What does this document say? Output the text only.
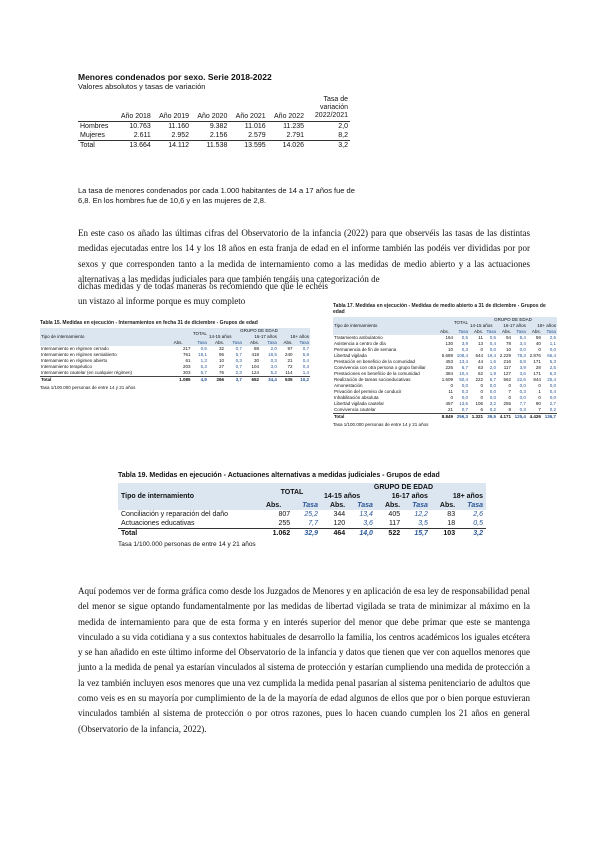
Menores condenados por sexo. Serie 2018-2022
Valores absolutos y tasas de variación
	Año 2018	Año 2019	Año 2020	Año 2021	Año 2022	Tasa de variación 2022/2021
Hombres	10.763	11.160	9.382	11.016	11.235	2,0
Mujeres	2.611	2.952	2.156	2.579	2.791	8,2
Total	13.664	14.112	11.538	13.595	14.026	3,2
La tasa de menores condenados por cada 1.000 habitantes de 14 a 17 años fue de 6,8. En los hombres fue de 10,6 y en las mujeres de 2,8.
En este caso os añado las últimas cifras del Observatorio de la infancia (2022) para que observéis las tasas de las distintas medidas ejecutadas entre los 14 y los 18 años en esta franja de edad en el informe también las podéis ver divididas por por sexos y que corresponden tanto a la medida de internamiento como a las medidas de medio abierto y a las actuaciones alternativas a las medidas judiciales para que también tengáis una categorización de
dichas medidas y de todas maneras os recomiendo que que le echéis un vistazo al informe porque es muy completo
Tabla 15. Medidas en ejecución - Internamientos en fecha 31 de diciembre - Grupos de edad
Tipo de internamiento	TOTAL		GRUPO DE EDAD					
			14-15 años		16-17 años		18+ años	
	Abs.	Tasa	Abs.	Tasa	Abs.	Tasa	Abs.	Tasa
Internamiento en régimen cerrado	217	0,5	32	0,7	88	2,0	97	0,7
Internamiento en régimen semiabierto	761	18,1	96	5,7	418	18,5	240	5,8
Internamiento en régimen abierto	61	1,3	10	0,3	30	0,3	21	0,4
Internamiento terapéutico	203	5,3	27	0,7	104	3,0	72	0,3
Internamiento cautelar (en cualquier régimen)	303	6,7	76	2,3	124	5,2	114	1,4
Total	1.085	4,9	266	3,7	652	34,4	535	10,2
Tasa 1/100.000 personas de entre 14 y 21 años
Tabla 17. Medidas en ejecución - Medidas de medio abierto a 31 de diciembre - Grupos de edad
Tipo de internamiento	TOTAL		GRUPO DE EDAD					
			14-15 años		16-17 años		18+ años	
	Abs.	Tasa	Abs.	Tasa	Abs.	Tasa	Abs.	Tasa
Tratamiento ambulatorio	164	0,5	11	0,5	94	8,4	59	2,5
Asistencia a centro de día	130	3,9	13	0,4	78	3,4	40	1,1
Permanencia de fin de semana	10	0,3	0	0,0	10	0,0	0	0,0
Libertad vigilada	5.689	108,4	644	19,4	2.229	78,3	2.876	66,4
Prestación en beneficio de la comunidad	453	13,4	44	1,6	216	6,8	171	5,3
Convivencia con otra persona o grupo familiar	226	6,7	63	2,0	117	3,9	28	2,5
Prestaciones en beneficio de la comunidad	384	10,4	62	1,9	127	3,6	171	6,3
Realización de tareas socioeducativas	1.609	50,4	222	6,7	562	22,6	844	25,4
Amonestación	0	0,0	0	0,0	0	0,0	0	0,0
Privación del permiso de conducir	11	0,3	0	0,0	7	0,3	1	0,4
Inhabilitación absoluta	0	0,0	0	0,0	0	0,0	0	0,0
Libertad vigilada cautelar	457	13,6	106	3,2	255	7,7	90	2,7
Convivencia cautelar	21	0,7	6	0,2	8	0,3	7	0,2
Total	8.849	256,3	1.321	39,5	4.171	125,4	4.426	136,7
Tasa 1/100.000 personas de entre 14 y 21 años
Tabla 19. Medidas en ejecución - Actuaciones alternativas a medidas judiciales - Grupos de edad
Tipo de internamiento	TOTAL		GRUPO DE EDAD					
			14-15 años		16-17 años		18+ años	
	Abs.	Tasa	Abs.	Tasa	Abs.	Tasa	Abs.	Tasa
Conciliación y reparación del daño	807	25,2	344	13,4	405	12,2	83	2,6
Actuaciones educativas	255	7,7	120	3,6	117	3,5	18	0,5
Total	1.062	32,9	464	14,0	522	15,7	103	3,2
Tasa 1/100.000 personas de entre 14 y 21 años
Aquí podemos ver de forma gráfica como desde los Juzgados de Menores y en aplicación de esa ley de responsabilidad penal del menor se sigue optando fundamentalmente por las medidas de libertad vigilada se trata de minimizar al máximo en la medida de internamiento para que de esta forma y en interés superior del menor que debe primar que este se mantenga vinculado a su vida cotidiana y a sus contextos habituales de desarrollo la familia, los centros académicos los iguales etcétera y se han añadido en este último informe del Observatorio de la infancia y datos que tienen que ver con aquellos menores que junto a la medida de penal ya estarían vinculados al sistema de protección y estarían cumpliendo una medida de protección a la vez también incluyen esos menores que una vez cumplida la medida penal pasarían al sistema penitenciario de adultos que como veis es en su mayoría por cumplimiento de la de la mayoría de edad algunos de ellos que por o bien porque estuvieran vinculados también al sistema de protección o por otros razones, pues lo hacen cuando cumplen los 21 años en general (Observatorio de la infancia, 2022).
